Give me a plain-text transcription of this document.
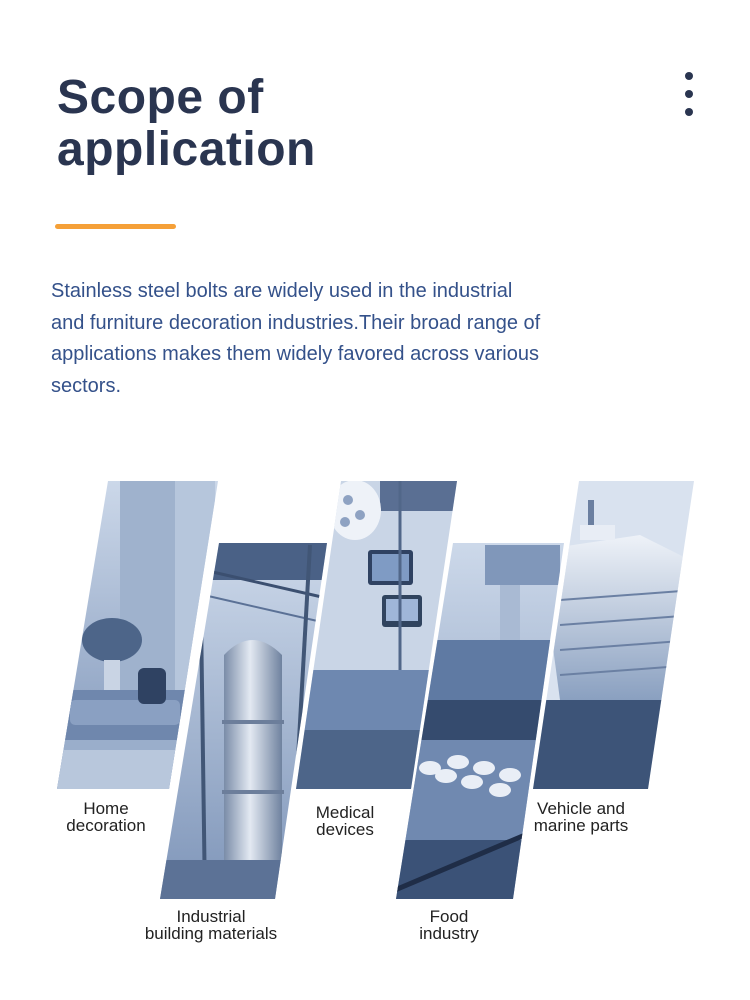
Scope of
application

Stainless steel bolts are widely used in the industrial and furniture decoration industries.Their broad range of applications makes them widely favored across various sectors.

Home
decoration
Industrial
building materials
Medical
devices
Food
industry
Vehicle and
marine parts
